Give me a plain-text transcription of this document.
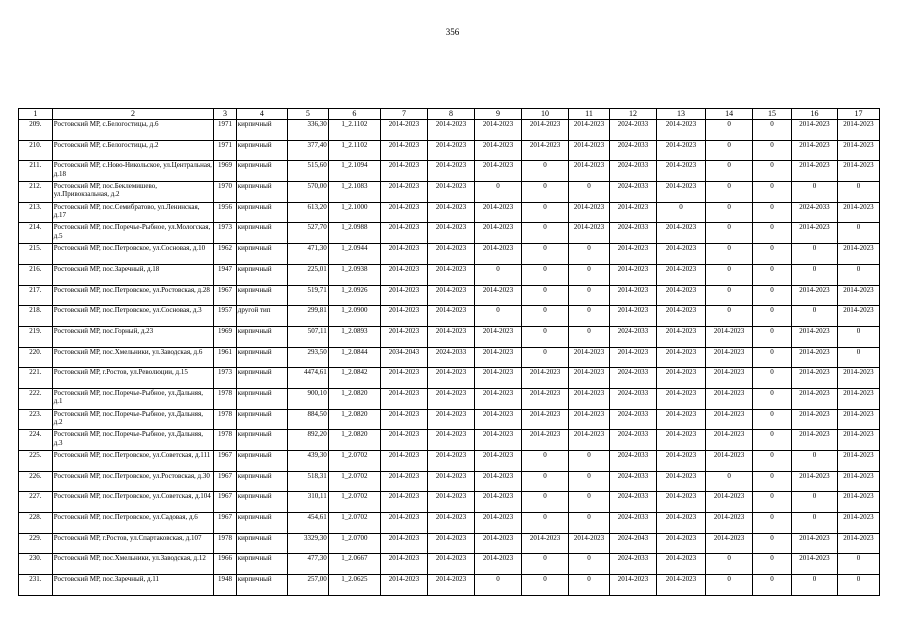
356
1	2	3	4	5	6	7	8	9	10	11	12	13	14	15	16	17
209.	Ростовский МР, с.Белогостицы, д.6	1971	кирпичный	336,30	1_2.1102	2014-2023	2014-2023	2014-2023	2014-2023	2014-2023	2024-2033	2014-2023	0	0	2014-2023	2014-2023
210.	Ростовский МР, с.Белогостицы, д.2	1971	кирпичный	377,40	1_2.1102	2014-2023	2014-2023	2014-2023	2014-2023	2014-2023	2024-2033	2014-2023	0	0	2014-2023	2014-2023
211.	Ростовский МР, с.Ново-Никольское, ул.Центральная, д.18	1969	кирпичный	515,60	1_2.1094	2014-2023	2014-2023	2014-2023	0	2014-2023	2024-2033	2014-2023	0	0	2014-2023	2014-2023
212.	Ростовский МР, пос.Беклемишево, ул.Привокзальная, д.2	1970	кирпичный	570,00	1_2.1083	2014-2023	2014-2023	0	0	0	2024-2033	2014-2023	0	0	0	0
213.	Ростовский МР, пос.Семибратово, ул.Ленинская, д.17	1956	кирпичный	613,20	1_2.1000	2014-2023	2014-2023	2014-2023	0	2014-2023	2014-2023	0	0	0	2024-2033	2014-2023
214.	Ростовский МР, пос.Поречье-Рыбное, ул.Мологская, д.5	1973	кирпичный	527,70	1_2.0988	2014-2023	2014-2023	2014-2023	0	2014-2023	2024-2033	2014-2023	0	0	2014-2023	0
215.	Ростовский МР, пос.Петровское, ул.Сосновая, д.10	1962	кирпичный	471,30	1_2.0944	2014-2023	2014-2023	2014-2023	0	0	2014-2023	2014-2023	0	0	0	2014-2023
216.	Ростовский МР, пос.Заречный, д.18	1947	кирпичный	225,01	1_2.0938	2014-2023	2014-2023	0	0	0	2014-2023	2014-2023	0	0	0	0
217.	Ростовский МР, пос.Петровское, ул.Ростовская, д.28	1967	кирпичный	519,71	1_2.0926	2014-2023	2014-2023	2014-2023	0	0	2014-2023	2014-2023	0	0	2014-2023	2014-2023
218.	Ростовский МР, пос.Петровское, ул.Сосновая, д.3	1957	другой тип	299,81	1_2.0900	2014-2023	2014-2023	0	0	0	2014-2023	2014-2023	0	0	0	2014-2023
219.	Ростовский МР, пос.Горный, д.23	1969	кирпичный	507,11	1_2.0893	2014-2023	2014-2023	2014-2023	0	0	2024-2033	2014-2023	2014-2023	0	2014-2023	0
220.	Ростовский МР, пос.Хмельники, ул.Заводская, д.6	1961	кирпичный	293,50	1_2.0844	2034-2043	2024-2033	2014-2023	0	2014-2023	2014-2023	2014-2023	2014-2023	0	2014-2023	0
221.	Ростовский МР, г.Ростов, ул.Революции, д.15	1973	кирпичный	4474,61	1_2.0842	2014-2023	2014-2023	2014-2023	2014-2023	2014-2023	2024-2033	2014-2023	2014-2023	0	2014-2023	2014-2023
222.	Ростовский МР, пос.Поречье-Рыбное, ул.Дальняя, д.1	1978	кирпичный	900,10	1_2.0820	2014-2023	2014-2023	2014-2023	2014-2023	2014-2023	2024-2033	2014-2023	2014-2023	0	2014-2023	2014-2023
223.	Ростовский МР, пос.Поречье-Рыбное, ул.Дальняя, д.2	1978	кирпичный	884,50	1_2.0820	2014-2023	2014-2023	2014-2023	2014-2023	2014-2023	2024-2033	2014-2023	2014-2023	0	2014-2023	2014-2023
224.	Ростовский МР, пос.Поречье-Рыбное, ул.Дальняя, д.3	1978	кирпичный	892,20	1_2.0820	2014-2023	2014-2023	2014-2023	2014-2023	2014-2023	2024-2033	2014-2023	2014-2023	0	2014-2023	2014-2023
225.	Ростовский МР, пос.Петровское, ул.Советская, д.111	1967	кирпичный	439,30	1_2.0702	2014-2023	2014-2023	2014-2023	0	0	2024-2033	2014-2023	2014-2023	0	0	2014-2023
226.	Ростовский МР, пос.Петровское, ул.Ростовская, д.30	1967	кирпичный	518,31	1_2.0702	2014-2023	2014-2023	2014-2023	0	0	2024-2033	2014-2023	0	0	2014-2023	2014-2023
227.	Ростовский МР, пос.Петровское, ул.Советская, д.104	1967	кирпичный	310,11	1_2.0702	2014-2023	2014-2023	2014-2023	0	0	2024-2033	2014-2023	2014-2023	0	0	2014-2023
228.	Ростовский МР, пос.Петровское, ул.Садовая, д.6	1967	кирпичный	454,61	1_2.0702	2014-2023	2014-2023	2014-2023	0	0	2024-2033	2014-2023	2014-2023	0	0	2014-2023
229.	Ростовский МР, г.Ростов, ул.Спартаковская, д.107	1978	кирпичный	3329,30	1_2.0700	2014-2023	2014-2023	2014-2023	2014-2023	2014-2023	2024-2043	2014-2023	2014-2023	0	2014-2023	2014-2023
230.	Ростовский МР, пос.Хмельники, ул.Заводская, д.12	1966	кирпичный	477,30	1_2.0667	2014-2023	2014-2023	2014-2023	0	0	2024-2033	2014-2023	0	0	2014-2023	0
231.	Ростовский МР, пос.Заречный, д.11	1948	кирпичный	257,00	1_2.0625	2014-2023	2014-2023	0	0	0	2014-2023	2014-2023	0	0	0	0
